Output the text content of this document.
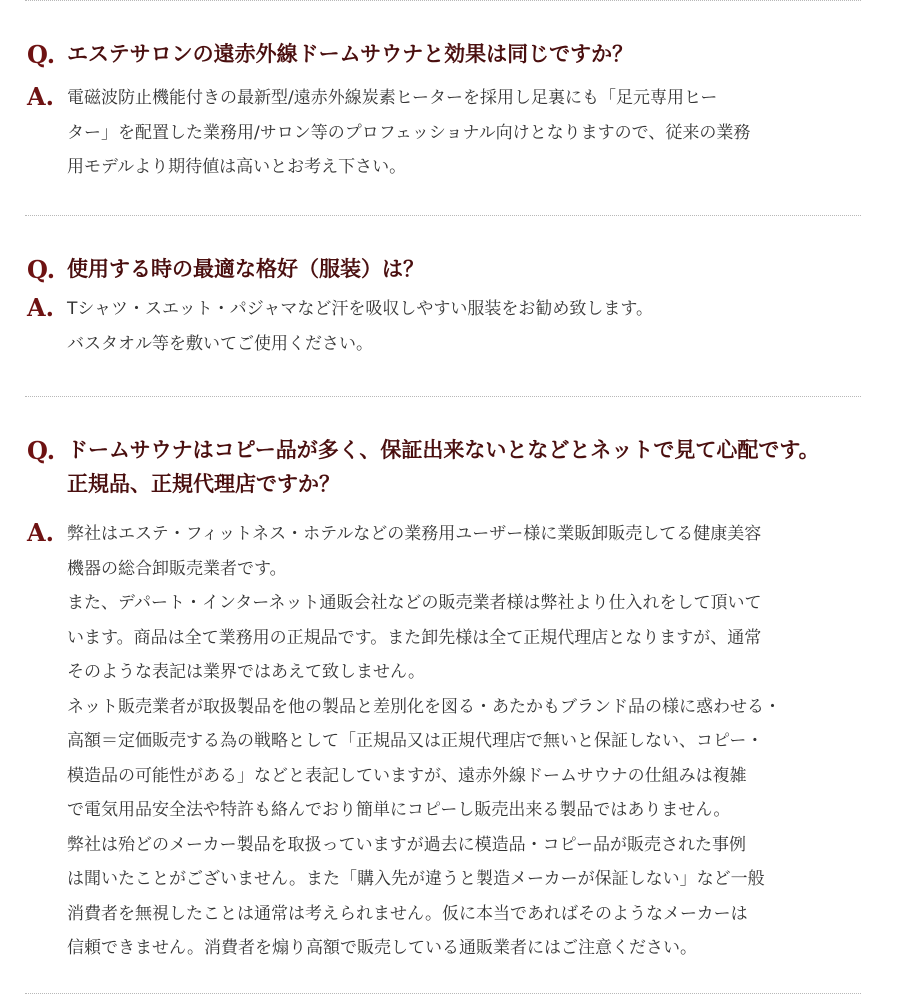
Q. エステサロンの遠赤外線ドームサウナと効果は同じですか？

A. 電磁波防止機能付きの最新型/遠赤外線炭素ヒーターを採用し足裏にも「足元専用ヒー
ター」を配置した業務用/サロン等のプロフェッショナル向けとなりますので、従来の業務
用モデルより期待値は高いとお考え下さい。

Q. 使用する時の最適な格好（服装）は？

A. Tシャツ・スエット・パジャマなど汗を吸収しやすい服装をお勧め致します。
バスタオル等を敷いてご使用ください。

Q. ドームサウナはコピー品が多く、保証出来ないとなどとネットで見て心配です。
正規品、正規代理店ですか？

A. 弊社はエステ・フィットネス・ホテルなどの業務用ユーザー様に業販卸販売してる健康美容
機器の総合卸販売業者です。
また、デパート・インターネット通販会社などの販売業者様は弊社より仕入れをして頂いて
います。商品は全て業務用の正規品です。また卸先様は全て正規代理店となりますが、通常
そのような表記は業界ではあえて致しません。
ネット販売業者が取扱製品を他の製品と差別化を図る・あたかもブランド品の様に惑わせる・
高額＝定価販売する為の戦略として「正規品又は正規代理店で無いと保証しない、コピー・
模造品の可能性がある」などと表記していますが、遠赤外線ドームサウナの仕組みは複雑
で電気用品安全法や特許も絡んでおり簡単にコピーし販売出来る製品ではありません。
弊社は殆どのメーカー製品を取扱っていますが過去に模造品・コピー品が販売された事例
は聞いたことがございません。また「購入先が違うと製造メーカーが保証しない」など一般
消費者を無視したことは通常は考えられません。仮に本当であればそのようなメーカーは
信頼できません。消費者を煽り高額で販売している通販業者にはご注意ください。
